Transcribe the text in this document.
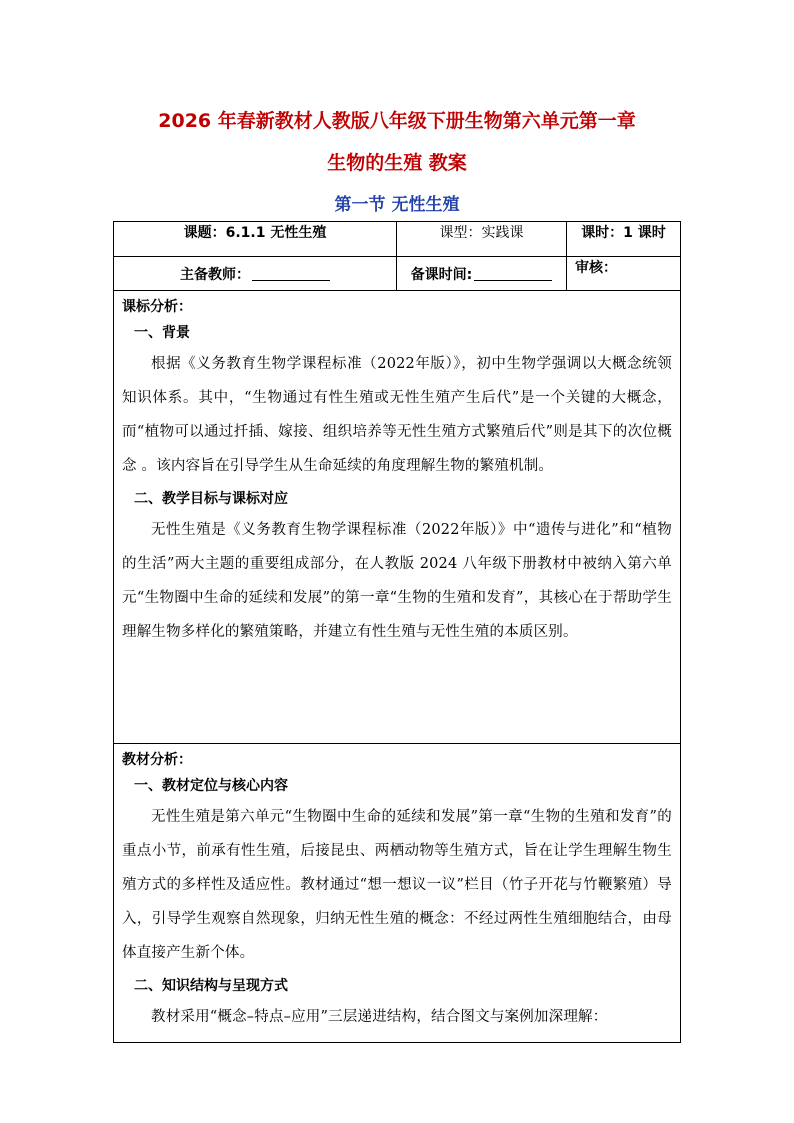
2026 年春新教材人教版八年级下册生物第六单元第一章
生物的生殖 教案
第一节 无性生殖
课题：6.1.1 无性生殖	课型：实践课	课时：1 课时

主备教师：	备课时间:	审核：

课标分析：
一、背景

根据《义务教育生物学课程标准（2022年版）》，初中生物学强调以大概念统领知识体系。其中，“生物通过有性生殖或无性生殖产生后代”是一个关键的大概念，而“植物可以通过扦插、嫁接、组织培养等无性生殖方式繁殖后代”则是其下的次位概念 。该内容旨在引导学生从生命延续的角度理解生物的繁殖机制。

二、教学目标与课标对应

无性生殖是《义务教育生物学课程标准（2022年版）》中“遗传与进化”和“植物的生活”两大主题的重要组成部分，在人教版 2024 八年级下册教材中被纳入第六单元“生物圈中生命的延续和发展”的第一章“生物的生殖和发育”，其核心在于帮助学生理解生物多样化的繁殖策略，并建立有性生殖与无性生殖的本质区别。		

教材分析：
一、教材定位与核心内容

无性生殖是第六单元“生物圈中生命的延续和发展”第一章“生物的生殖和发育”的重点小节，前承有性生殖，后接昆虫、两栖动物等生殖方式，旨在让学生理解生物生殖方式的多样性及适应性。教材通过“想一想议一议”栏目（竹子开花与竹鞭繁殖）导入，引导学生观察自然现象，归纳无性生殖的概念：不经过两性生殖细胞结合，由母体直接产生新个体。

二、知识结构与呈现方式

教材采用“概念–特点–应用”三层递进结构，结合图文与案例加深理解：		
